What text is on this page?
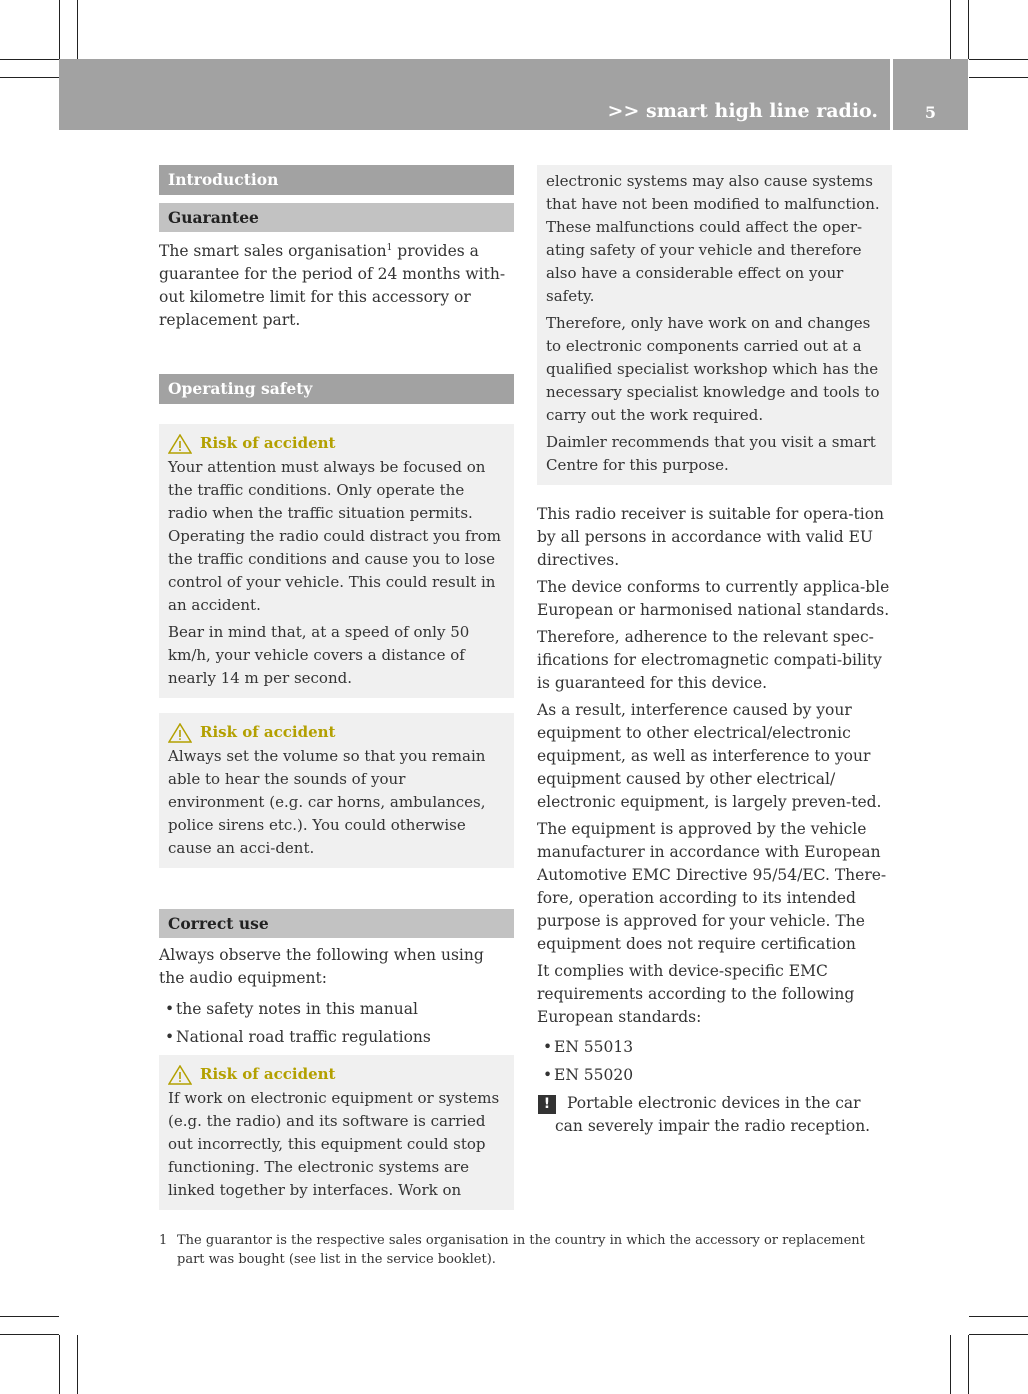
>> smart high line radio.	5
Introduction
Guarantee

The smart sales organisation$^1$ provides a guarantee for the period of 24 months with-out kilometre limit for this accessory or replacement part.

Operating safety
Risk of accident

Your attention must always be focused on the traffic conditions. Only operate the radio when the traffic situation permits. Operating the radio could distract you from the traffic conditions and cause you to lose control of your vehicle. This could result in an accident.

Bear in mind that, at a speed of only 50 km/h, your vehicle covers a distance of nearly 14 m per second.

Risk of accident

Always set the volume so that you remain able to hear the sounds of your environment (e.g. car horns, ambulances, police sirens etc.). You could otherwise cause an acci-dent.

Correct use

Always observe the following when using the audio equipment:

• the safety notes in this manual
• National road traffic regulations
Risk of accident

If work on electronic equipment or systems (e.g. the radio) and its software is carried out incorrectly, this equipment could stop functioning. The electronic systems are linked together by interfaces. Work on

electronic systems may also cause systems that have not been modified to malfunction. These malfunctions could affect the oper-ating safety of your vehicle and therefore also have a considerable effect on your safety.

Therefore, only have work on and changes to electronic components carried out at a qualified specialist workshop which has the necessary specialist knowledge and tools to carry out the work required.

Daimler recommends that you visit a smart Centre for this purpose.

This radio receiver is suitable for opera-tion by all persons in accordance with valid EU directives.

The device conforms to currently applica-ble European or harmonised national standards.

Therefore, adherence to the relevant spec-ifications for electromagnetic compati-bility is guaranteed for this device.

As a result, interference caused by your equipment to other electrical/electronic equipment, as well as interference to your equipment caused by other electrical/ electronic equipment, is largely preven-ted.

The equipment is approved by the vehicle manufacturer in accordance with European Automotive EMC Directive 95/54/EC. There-fore, operation according to its intended purpose is approved for your vehicle. The equipment does not require certification

It complies with device-specific EMC requirements according to the following European standards:

• EN 55013
• EN 55020
!	Portable electronic devices in the car can severely impair the radio reception.
1 The guarantor is the respective sales organisation in the country in which the accessory or replacement part was bought (see list in the service booklet).
